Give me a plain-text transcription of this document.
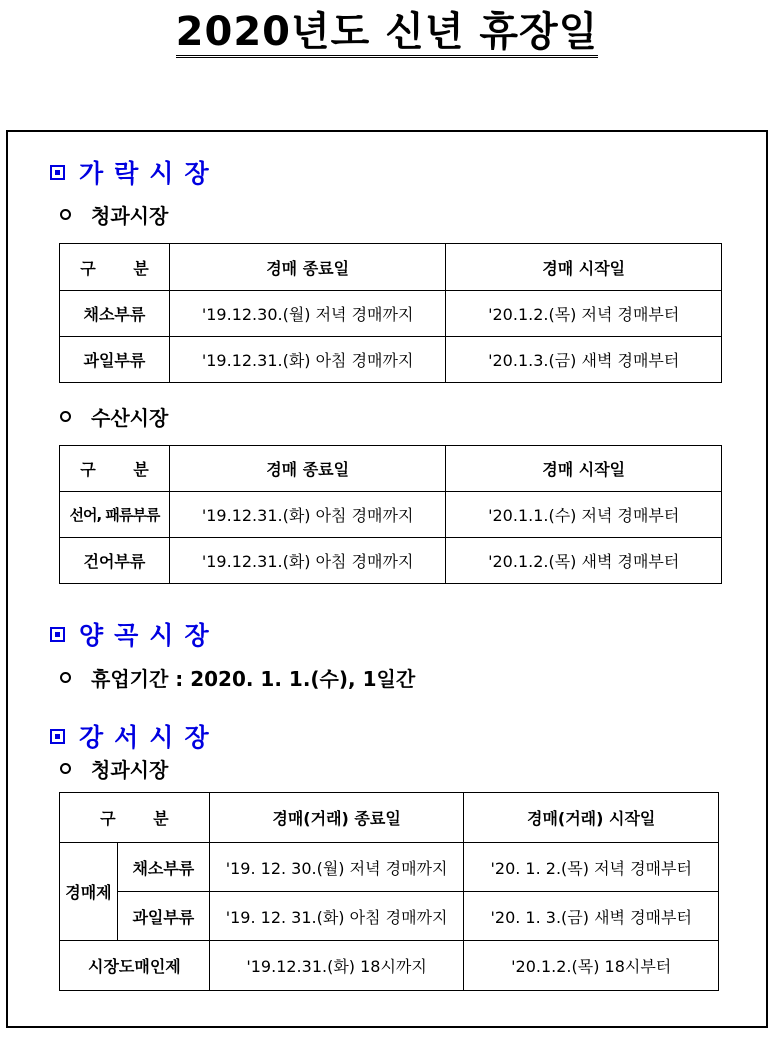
2020년도 신년 휴장일
가락시장
청과시장
구 분	경매 종료일	경매 시작일
채소부류	'19.12.30.(월) 저녁 경매까지	'20.1.2.(목) 저녁 경매부터
과일부류	'19.12.31.(화) 아침 경매까지	'20.1.3.(금) 새벽 경매부터
수산시장
구 분	경매 종료일	경매 시작일
선어, 패류부류	'19.12.31.(화) 아침 경매까지	'20.1.1.(수) 저녁 경매부터
건어부류	'19.12.31.(화) 아침 경매까지	'20.1.2.(목) 새벽 경매부터
양곡시장
휴업기간 : 2020. 1. 1.(수), 1일간
강서시장
청과시장
구 분		경매(거래) 종료일	경매(거래) 시작일
경매제	채소부류	'19. 12. 30.(월) 저녁 경매까지	'20. 1. 2.(목) 저녁 경매부터
	과일부류	'19. 12. 31.(화) 아침 경매까지	'20. 1. 3.(금) 새벽 경매부터
시장도매인제		'19.12.31.(화) 18시까지	'20.1.2.(목) 18시부터
